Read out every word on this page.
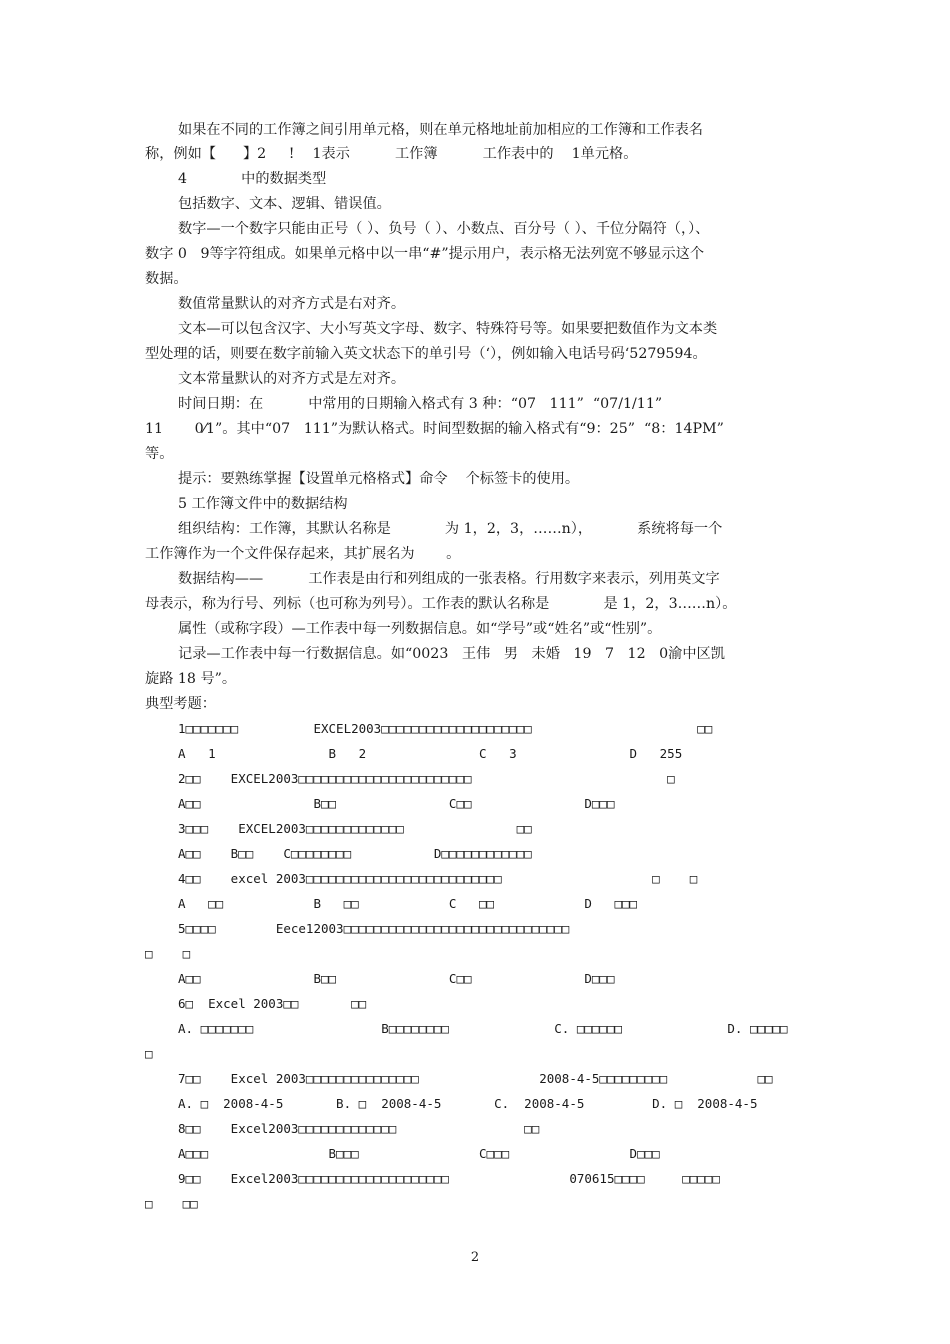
如果在不同的工作簿之间引用单元格，则在单元格地址前加相应的工作簿和工作表名
称，例如【      】2     !    1表示          工作簿          工作表中的    1单元格。
4            中的数据类型
包括数字、文本、逻辑、错误值。
数字—一个数字只能由正号（ ）、负号（ ）、小数点、百分号（ ）、千位分隔符（，）、
数字 0   9等字符组成。如果单元格中以一串“#”提示用户，表示格无法列宽不够显示这个
数据。
数值常量默认的对齐方式是右对齐。
文本—可以包含汉字、大小写英文字母、数字、特殊符号等。如果要把数值作为文本类
型处理的话，则要在数字前输入英文状态下的单引号（‘），例如输入电话号码‘5279594。
文本常量默认的对齐方式是左对齐。
时间日期：在          中常用的日期输入格式有 3 种：“07   111”  “07/1/11”
11       0⁄1”。其中“07   111”为默认格式。时间型数据的输入格式有“9：25”  “8：14PM”
等。
提示：要熟练掌握【设置单元格格式】命令    个标签卡的使用。
5 工作簿文件中的数据结构
组织结构：工作簿，其默认名称是            为 1，2，3，……n），          系统将每一个
工作簿作为一个文件保存起来，其扩展名为       。
数据结构——          工作表是由行和列组成的一张表格。行用数字来表示，列用英文字
母表示，称为行号、列标（也可称为列号）。工作表的默认名称是            是 1，2，3……n）。
属性（或称字段）—工作表中每一列数据信息。如“学号”或“姓名”或“性别”。
记录—工作表中每一行数据信息。如“0023   王伟   男   未婚   19   7   12   0渝中区凯
旋路 18 号”。
典型考题：
1□□□□□□□          EXCEL2003□□□□□□□□□□□□□□□□□□□□                      □□
A   1               B   2               C   3               D   255
2□□    EXCEL2003□□□□□□□□□□□□□□□□□□□□□□□                          □
A□□               B□□               C□□               D□□□
3□□□    EXCEL2003□□□□□□□□□□□□□               □□
A□□    B□□    C□□□□□□□□           D□□□□□□□□□□□□
4□□    excel 2003□□□□□□□□□□□□□□□□□□□□□□□□□□                    □    □
A   □□            B   □□            C   □□            D   □□□
5□□□□        Eece12003□□□□□□□□□□□□□□□□□□□□□□□□□□□□□□
□    □
A□□               B□□               C□□               D□□□
6□  Excel 2003□□       □□
A. □□□□□□□                 B□□□□□□□□              C. □□□□□□              D. □□□□□
□
7□□    Excel 2003□□□□□□□□□□□□□□□                2008-4-5□□□□□□□□□            □□
A. □  2008-4-5       B. □  2008-4-5       C.  2008-4-5         D. □  2008-4-5
8□□    Excel2003□□□□□□□□□□□□□                 □□
A□□□                B□□□                C□□□                D□□□
9□□    Excel2003□□□□□□□□□□□□□□□□□□□□                070615□□□□     □□□□□
□    □□
2
